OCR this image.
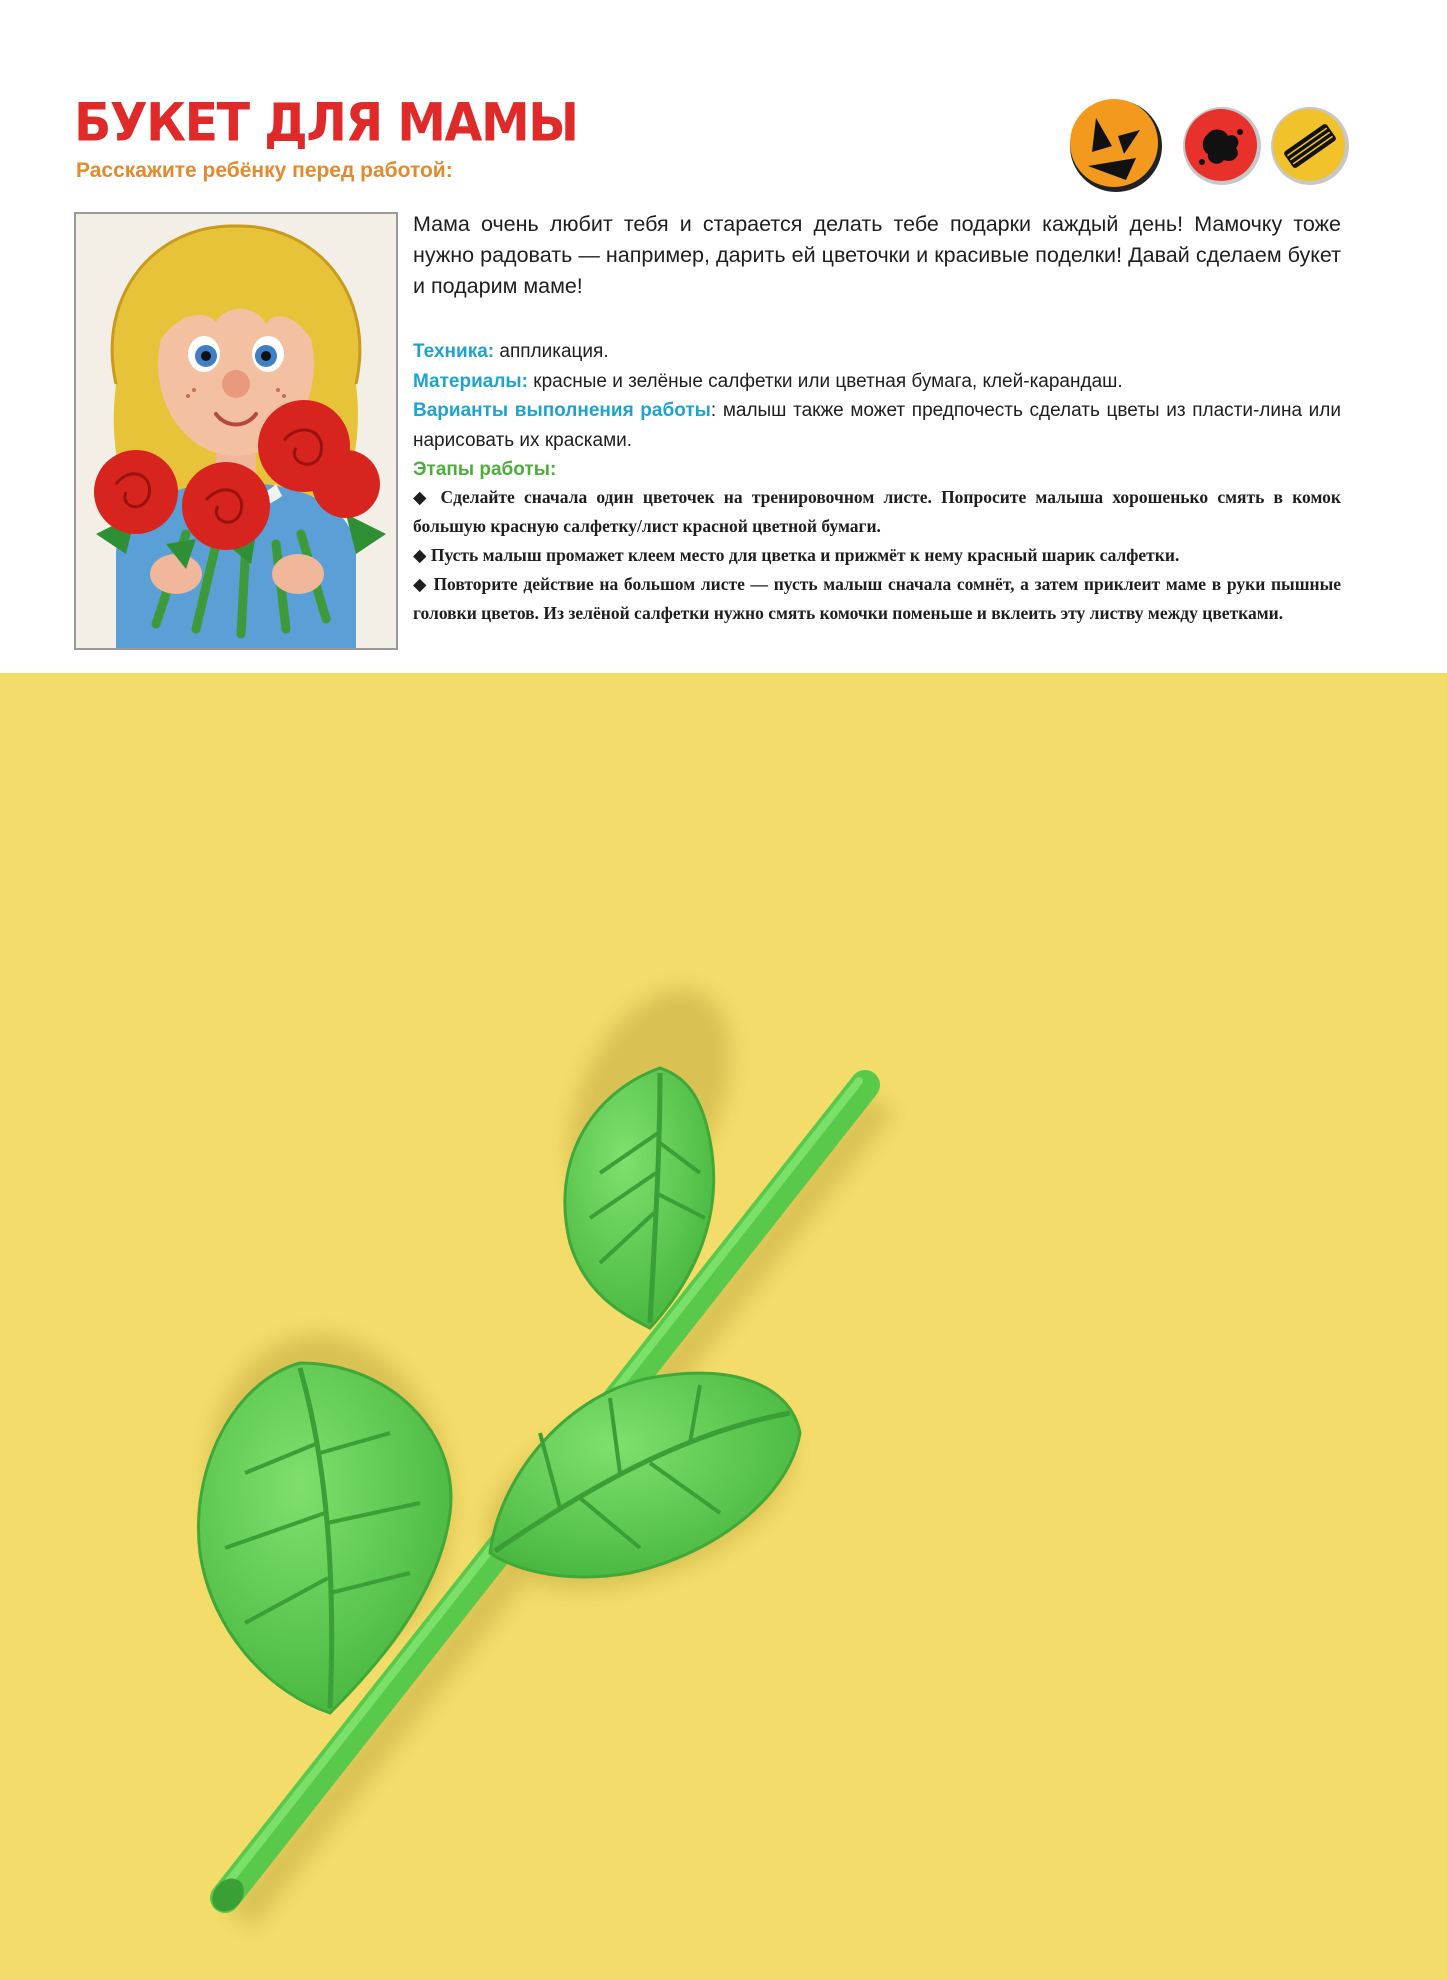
БУКЕТ ДЛЯ МАМЫ
Расскажите ребёнку перед работой:

Мама очень любит тебя и старается делать тебе подарки каждый день! Мамочку тоже нужно радовать — например, дарить ей цветочки и красивые поделки! Давай сделаем букет и подарим маме!

Техника: аппликация.

Материалы: красные и зелёные салфетки или цветная бумага, клей-карандаш.

Варианты выполнения работы: малыш также может предпочесть сделать цветы из пласти-лина или нарисовать их красками.

Этапы работы:

◆ Сделайте сначала один цветочек на тренировочном листе. Попросите малыша хорошенько смять в комок большую красную салфетку/лист красной цветной бумаги.

◆ Пусть малыш промажет клеем место для цветка и прижмёт к нему красный шарик салфетки.

◆ Повторите действие на большом листе — пусть малыш сначала сомнёт, а затем приклеит маме в руки пышные головки цветов. Из зелёной салфетки нужно смять комочки поменьше и вклеить эту листву между цветками.
